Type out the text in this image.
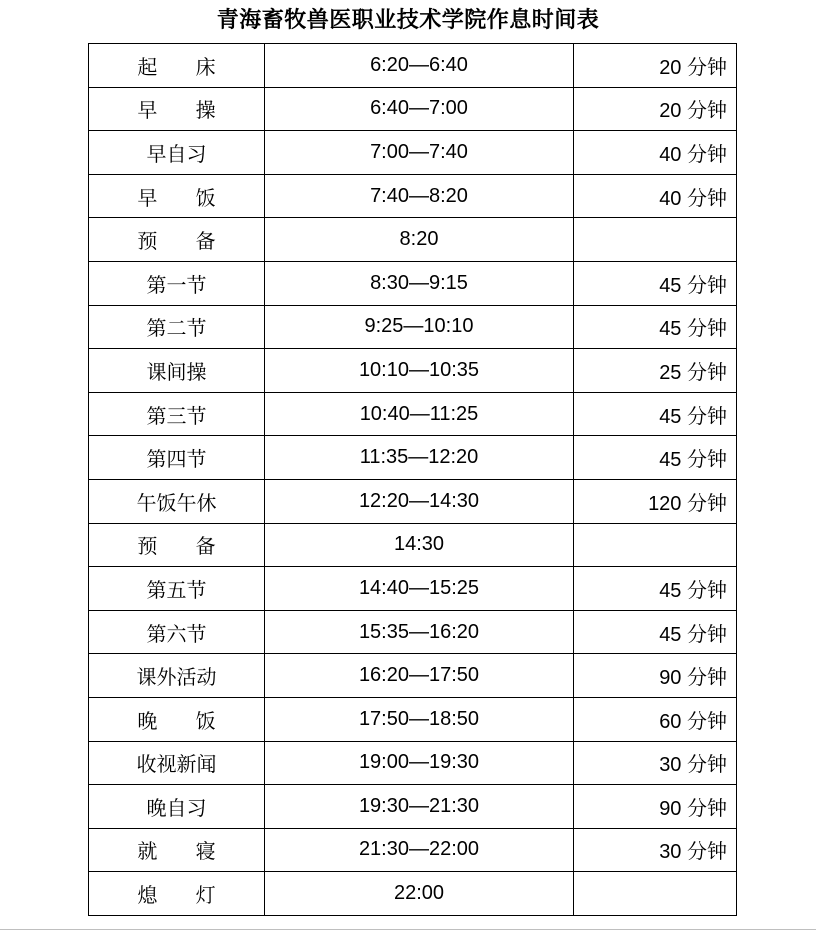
青海畜牧兽医职业技术学院作息时间表
起 床	6:20—6:40	20 分钟
早 操	6:40—7:00	20 分钟
早自习	7:00—7:40	40 分钟
早 饭	7:40—8:20	40 分钟
预 备	8:20	
第一节	8:30—9:15	45 分钟
第二节	9:25—10:10	45 分钟
课间操	10:10—10:35	25 分钟
第三节	10:40—11:25	45 分钟
第四节	11:35—12:20	45 分钟
午饭午休	12:20—14:30	120 分钟
预 备	14:30	
第五节	14:40—15:25	45 分钟
第六节	15:35—16:20	45 分钟
课外活动	16:20—17:50	90 分钟
晚 饭	17:50—18:50	60 分钟
收视新闻	19:00—19:30	30 分钟
晚自习	19:30—21:30	90 分钟
就 寝	21:30—22:00	30 分钟
熄 灯	22:00	
